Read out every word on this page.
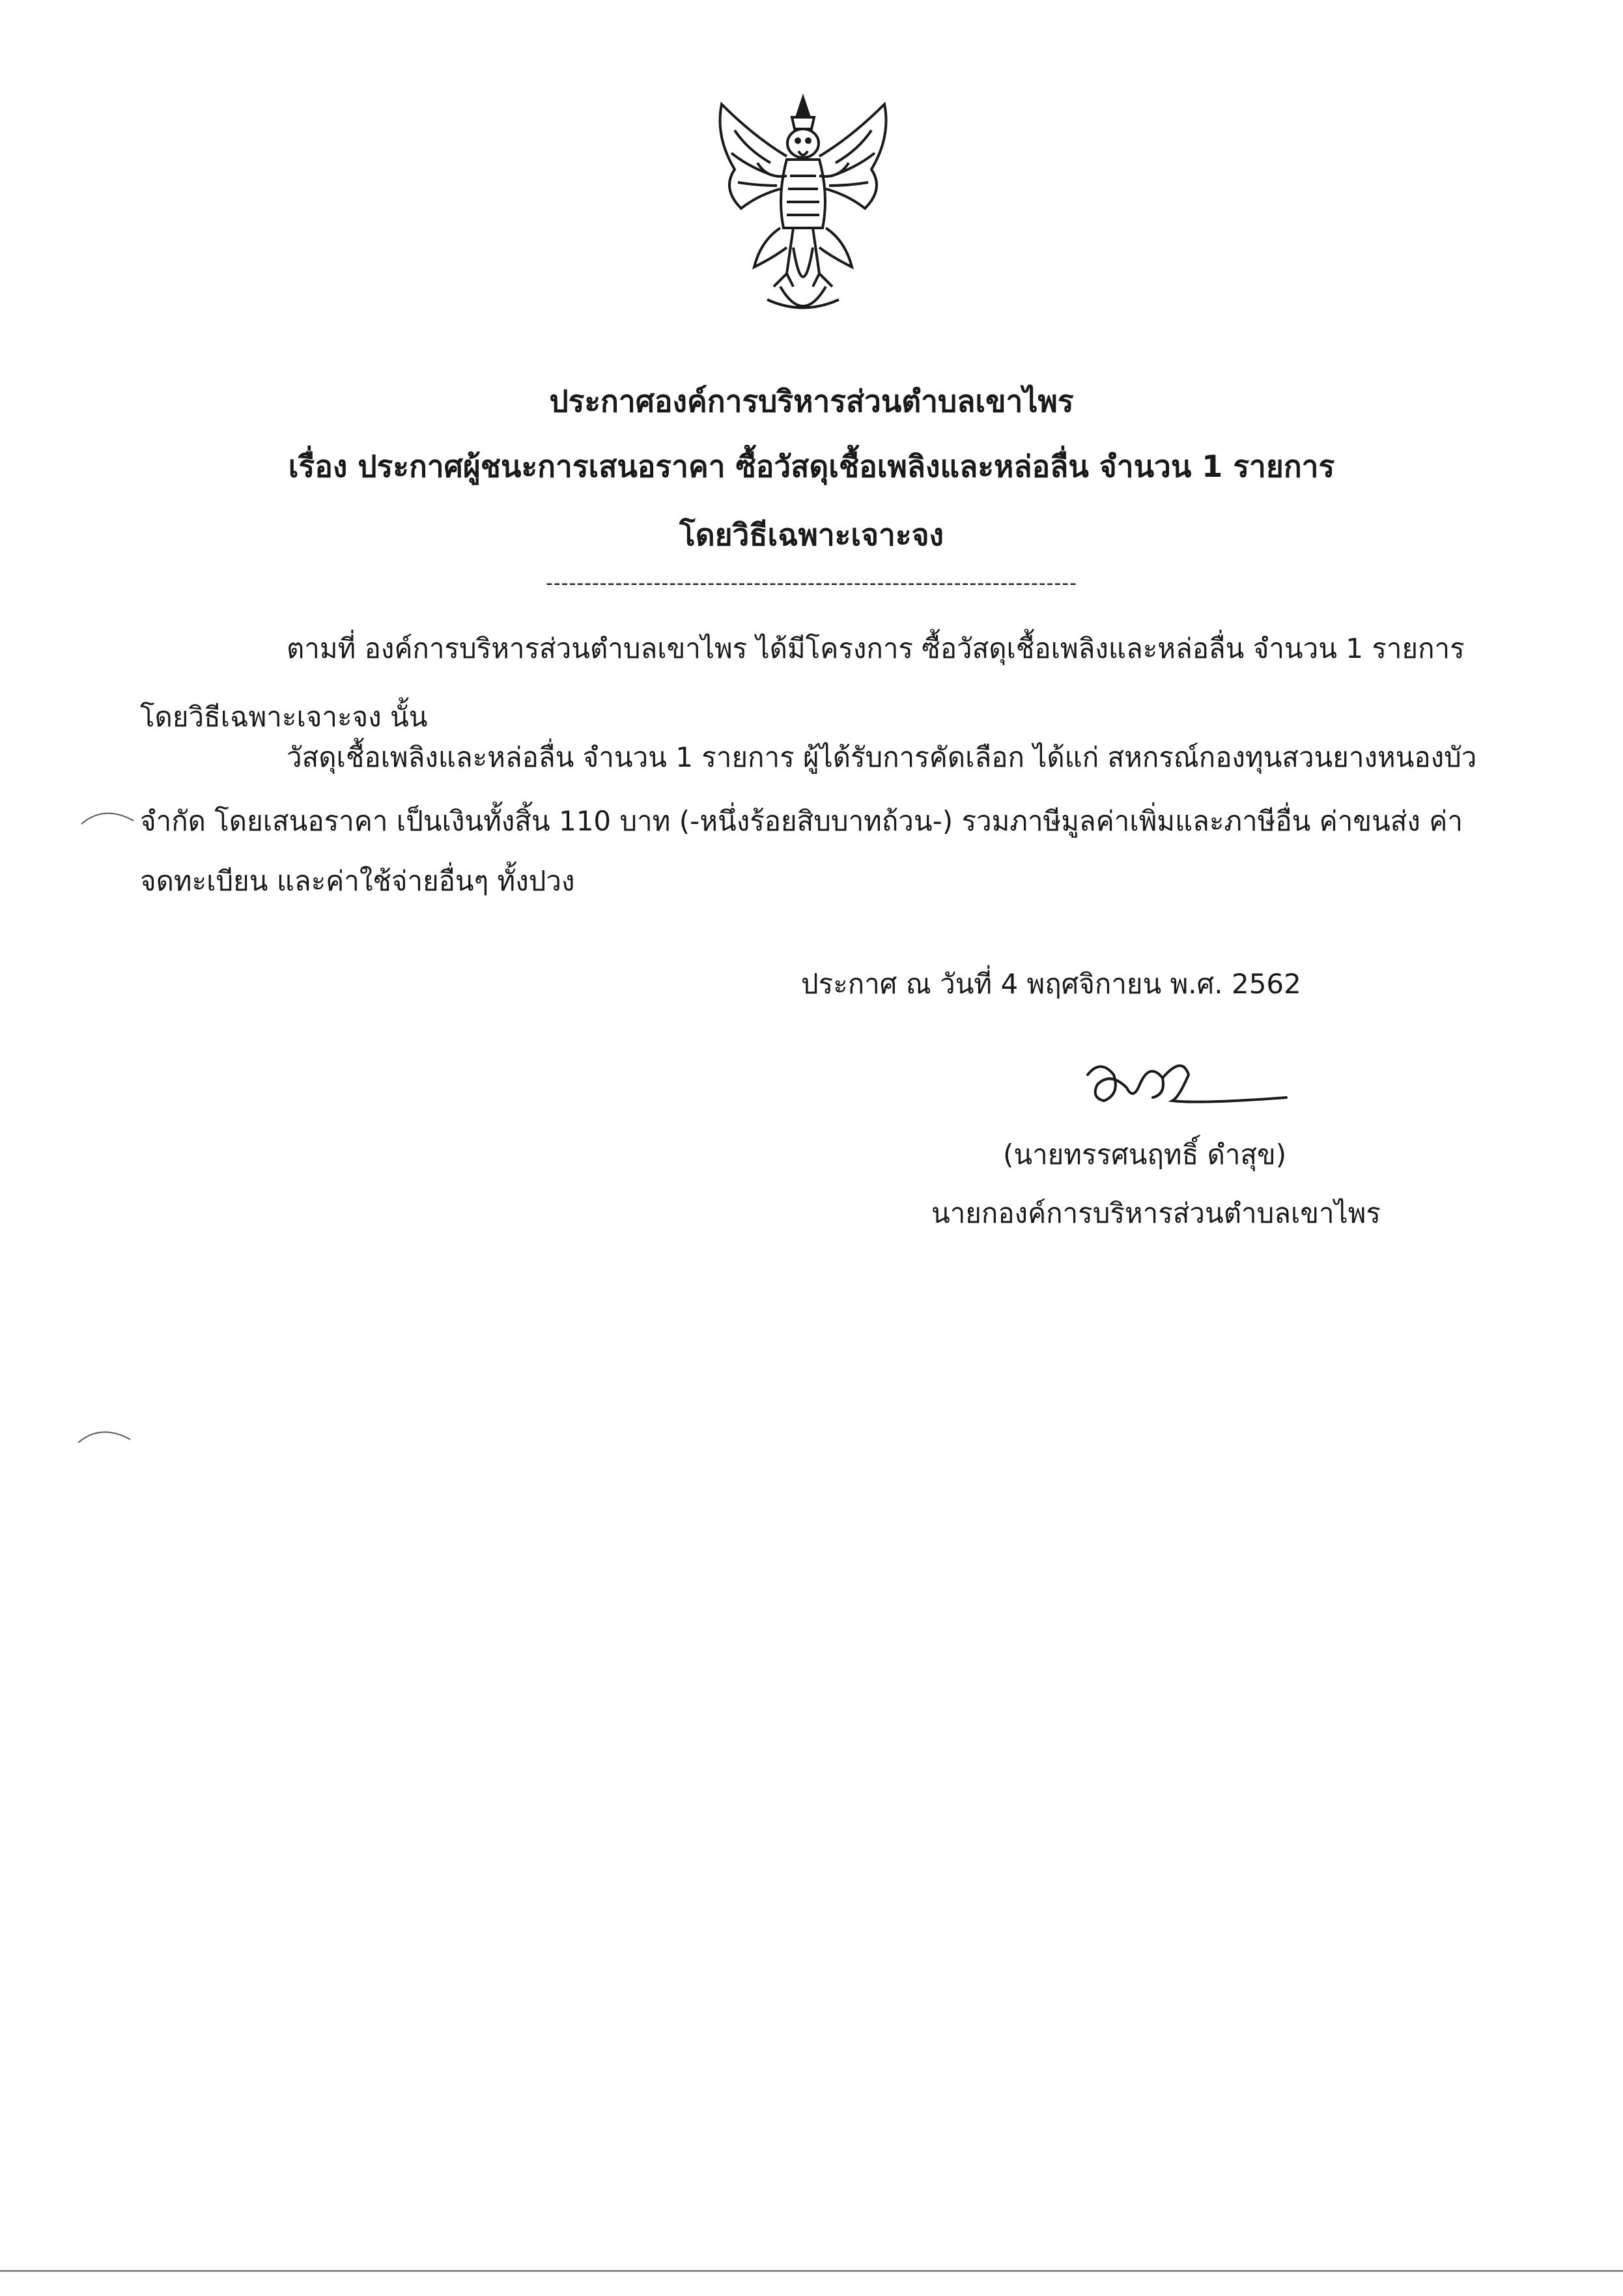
ประกาศองค์การบริหารส่วนตำบลเขาไพร
เรื่อง ประกาศผู้ชนะการเสนอราคา ซื้อวัสดุเชื้อเพลิงและหล่อลื่น จำนวน 1 รายการ
โดยวิธีเฉพาะเจาะจง
---------------------------------------------------------------------
ตามที่ องค์การบริหารส่วนตำบลเขาไพร ได้มีโครงการ ซื้อวัสดุเชื้อเพลิงและหล่อลื่น จำนวน 1 รายการ
โดยวิธีเฉพาะเจาะจง นั้น
วัสดุเชื้อเพลิงและหล่อลื่น จำนวน 1 รายการ ผู้ได้รับการคัดเลือก ได้แก่ สหกรณ์กองทุนสวนยางหนองบัว
จำกัด โดยเสนอราคา เป็นเงินทั้งสิ้น 110 บาท (-หนึ่งร้อยสิบบาทถ้วน-) รวมภาษีมูลค่าเพิ่มและภาษีอื่น ค่าขนส่ง ค่า
จดทะเบียน และค่าใช้จ่ายอื่นๆ ทั้งปวง
ประกาศ ณ วันที่ 4 พฤศจิกายน พ.ศ. 2562
(นายทรรศนฤทธิ์ ดำสุข)
นายกองค์การบริหารส่วนตำบลเขาไพร
